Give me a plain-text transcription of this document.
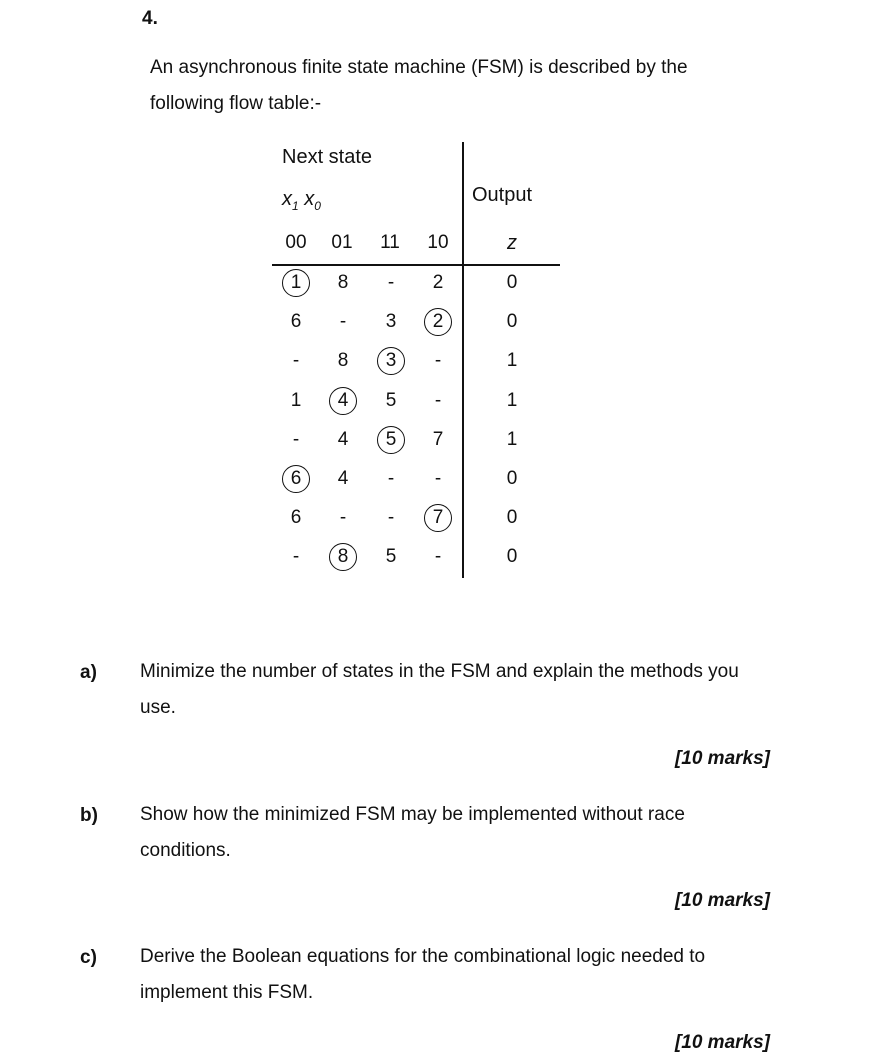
4.
An asynchronous finite state machine (FSM) is described by the
following flow table:-
Next state
$x_1$ $x_0$	Output
00	01	11	10	z
1	8	-	2	0
6	-	3	2	0
-	8	3	-	1
1	4	5	-	1
-	4	5	7	1
6	4	-	-	0
6	-	-	7	0
-	8	5	-	0
a) Minimize the number of states in the FSM and explain the methods you
use.
[10 marks]
b) Show how the minimized FSM may be implemented without race
conditions.
[10 marks]
c) Derive the Boolean equations for the combinational logic needed to
implement this FSM.
[10 marks]
